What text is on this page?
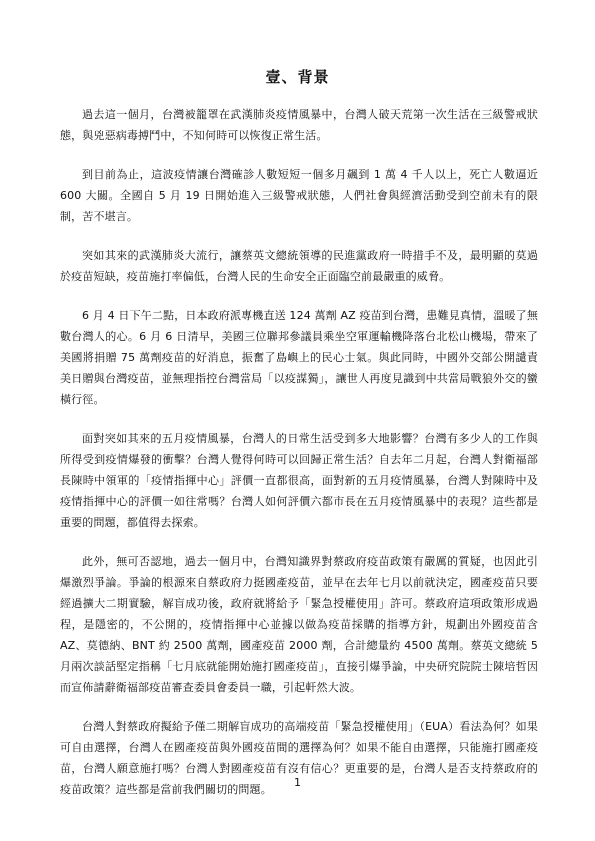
壹、背景

過去這一個月，台灣被籠罩在武漢肺炎疫情風暴中，台灣人破天荒第一次生活在三級警戒狀態，與兇惡病毒搏鬥中，不知何時可以恢復正常生活。

到目前為止，這波疫情讓台灣確診人數短短一個多月飆到 1 萬 4 千人以上，死亡人數逼近 600 大關。全國自 5 月 19 日開始進入三級警戒狀態，人們社會與經濟活動受到空前未有的限制，苦不堪言。

突如其來的武漢肺炎大流行，讓蔡英文總統領導的民進黨政府一時措手不及，最明顯的莫過於疫苗短缺，疫苗施打率偏低，台灣人民的生命安全正面臨空前最嚴重的威脅。

6 月 4 日下午二點，日本政府派專機直送 124 萬劑 AZ 疫苗到台灣，患難見真情，溫暖了無數台灣人的心。6 月 6 日清早，美國三位聯邦參議員乘坐空軍運輸機降落台北松山機場，帶來了美國將捐贈 75 萬劑疫苗的好消息，振奮了島嶼上的民心士氣。與此同時，中國外交部公開譴責美日贈與台灣疫苗，並無理指控台灣當局「以疫謀獨」，讓世人再度見識到中共當局戰狼外交的蠻橫行徑。

面對突如其來的五月疫情風暴，台灣人的日常生活受到多大地影響？台灣有多少人的工作與所得受到疫情爆發的衝擊？台灣人覺得何時可以回歸正常生活？自去年二月起，台灣人對衛福部長陳時中領軍的「疫情指揮中心」評價一直都很高，面對新的五月疫情風暴，台灣人對陳時中及疫情指揮中心的評價一如往常嗎？台灣人如何評價六都市長在五月疫情風暴中的表現？這些都是重要的問題，都值得去探索。

此外，無可否認地，過去一個月中，台灣知識界對蔡政府疫苗政策有嚴厲的質疑，也因此引爆激烈爭論。爭論的根源來自蔡政府力挺國產疫苗，並早在去年七月以前就決定，國產疫苗只要經過擴大二期實驗，解盲成功後，政府就將給予「緊急授權使用」許可。蔡政府這項政策形成過程，是隱密的，不公開的，疫情指揮中心並據以做為疫苗採購的指導方針，規劃出外國疫苗含 AZ、莫德納、BNT 約 2500 萬劑，國產疫苗 2000 劑，合計總量約 4500 萬劑。蔡英文總統 5 月兩次談話堅定指稱「七月底就能開始施打國產疫苗」，直接引爆爭論，中央研究院院士陳培哲因而宣佈請辭衛福部疫苗審查委員會委員一職，引起軒然大波。

台灣人對蔡政府擬給予僅二期解盲成功的高端疫苗「緊急授權使用」（EUA）看法為何？如果可自由選擇，台灣人在國產疫苗與外國疫苗間的選擇為何？如果不能自由選擇，只能施打國產疫苗，台灣人願意施打嗎？台灣人對國產疫苗有沒有信心？更重要的是，台灣人是否支持蔡政府的疫苗政策？這些都是當前我們關切的問題。

1
